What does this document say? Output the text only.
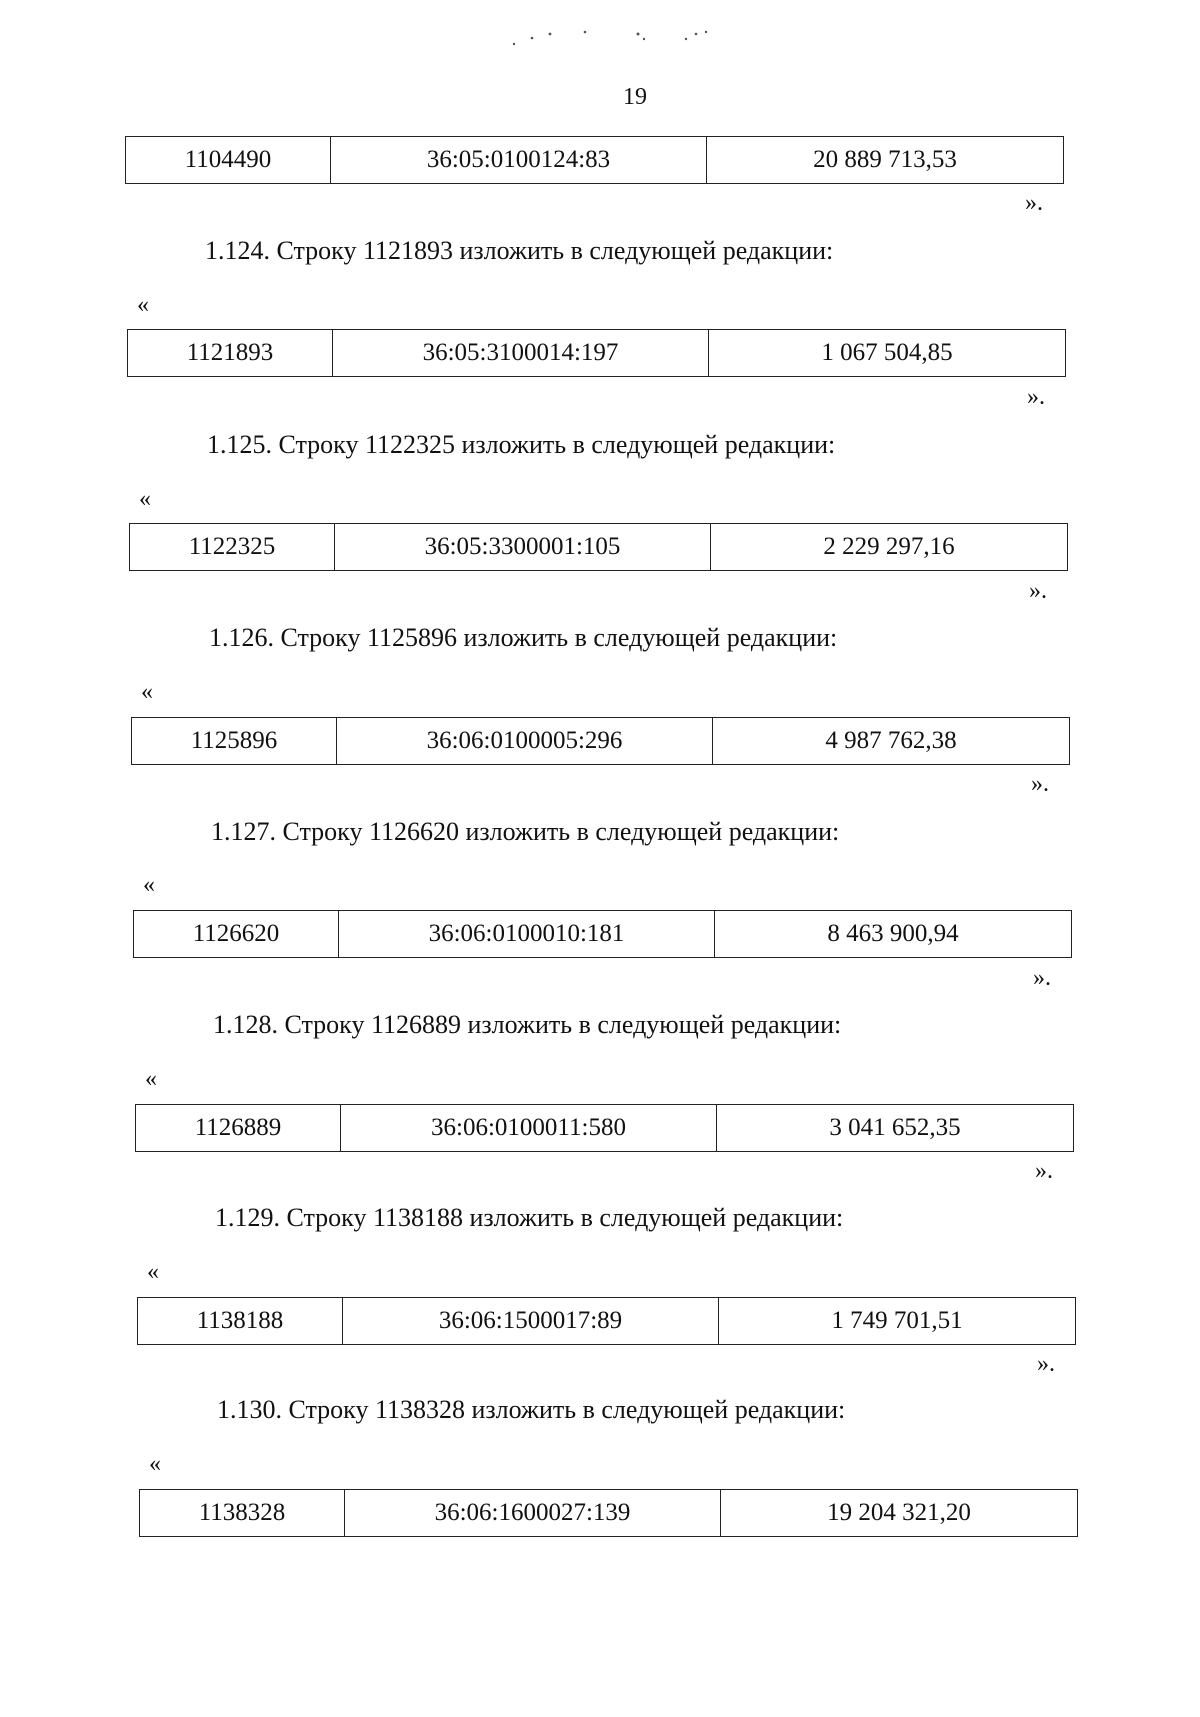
19
1104490	36:05:0100124:83	20 889 713,53
».
1.124. Строку 1121893 изложить в следующей редакции:
«
1121893	36:05:3100014:197	1 067 504,85
».
1.125. Строку 1122325 изложить в следующей редакции:
«
1122325	36:05:3300001:105	2 229 297,16
».
1.126. Строку 1125896 изложить в следующей редакции:
«
1125896	36:06:0100005:296	4 987 762,38
».
1.127. Строку 1126620 изложить в следующей редакции:
«
1126620	36:06:0100010:181	8 463 900,94
».
1.128. Строку 1126889 изложить в следующей редакции:
«
1126889	36:06:0100011:580	3 041 652,35
».
1.129. Строку 1138188 изложить в следующей редакции:
«
1138188	36:06:1500017:89	1 749 701,51
».
1.130. Строку 1138328 изложить в следующей редакции:
«
1138328	36:06:1600027:139	19 204 321,20
